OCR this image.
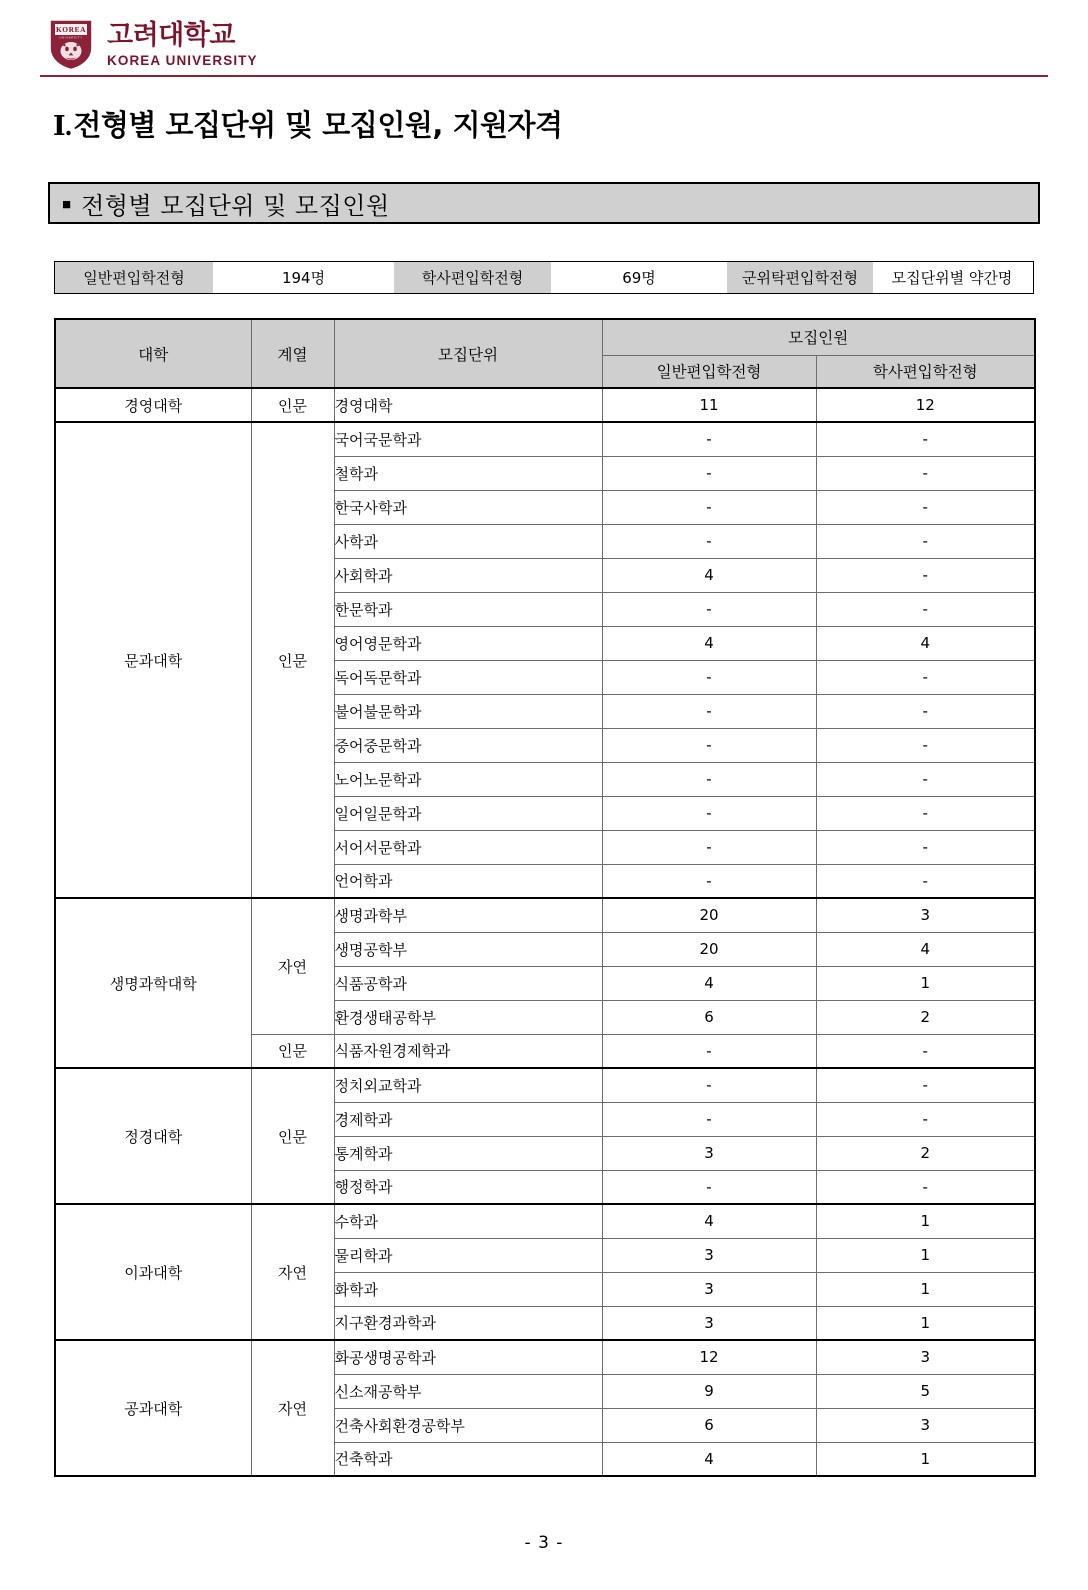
KOREA
UNIVERSITY 고려대학교
KOREA UNIVERSITY
Ⅰ.전형별 모집단위 및 모집인원, 지원자격
■ 전형별 모집단위 및 모집인원
일반편입학전형	194명	학사편입학전형	69명	군위탁편입학전형	모집단위별 약간명
대학	계열	모집단위	모집인원	
			일반편입학전형	학사편입학전형
경영대학	인문	경영대학	11	12
문과대학	인문	국어국문학과	-	-
		철학과	-	-
		한국사학과	-	-
		사학과	-	-
		사회학과	4	-
		한문학과	-	-
		영어영문학과	4	4
		독어독문학과	-	-
		불어불문학과	-	-
		중어중문학과	-	-
		노어노문학과	-	-
		일어일문학과	-	-
		서어서문학과	-	-
		언어학과	-	-
생명과학대학	자연	생명과학부	20	3
		생명공학부	20	4
		식품공학과	4	1
		환경생태공학부	6	2
	인문	식품자원경제학과	-	-
정경대학	인문	정치외교학과	-	-
		경제학과	-	-
		통계학과	3	2
		행정학과	-	-
이과대학	자연	수학과	4	1
		물리학과	3	1
		화학과	3	1
		지구환경과학과	3	1
공과대학	자연	화공생명공학과	12	3
		신소재공학부	9	5
		건축사회환경공학부	6	3
		건축학과	4	1
- 3 -
